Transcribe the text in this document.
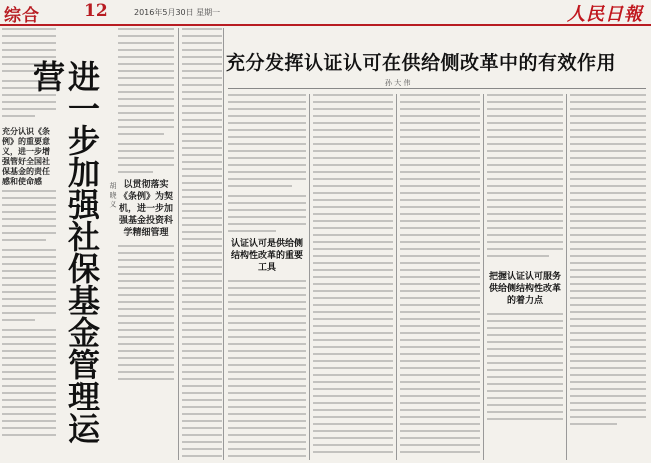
综合	12	2016年5月30日 星期一	人民日報
充分认识《条例》的重要意义，进一步增强管好全国社保基金的责任感和使命感 进一步加强社保基金管理运营
胡 晓 义 以贯彻落实《条例》为契机，进一步加强基金投资科学精细管理
充分发挥认证认可在供给侧改革中的有效作用
孙 大 伟
认证认可是供给侧结构性改革的重要工具
把握认证认可服务供给侧结构性改革的着力点
